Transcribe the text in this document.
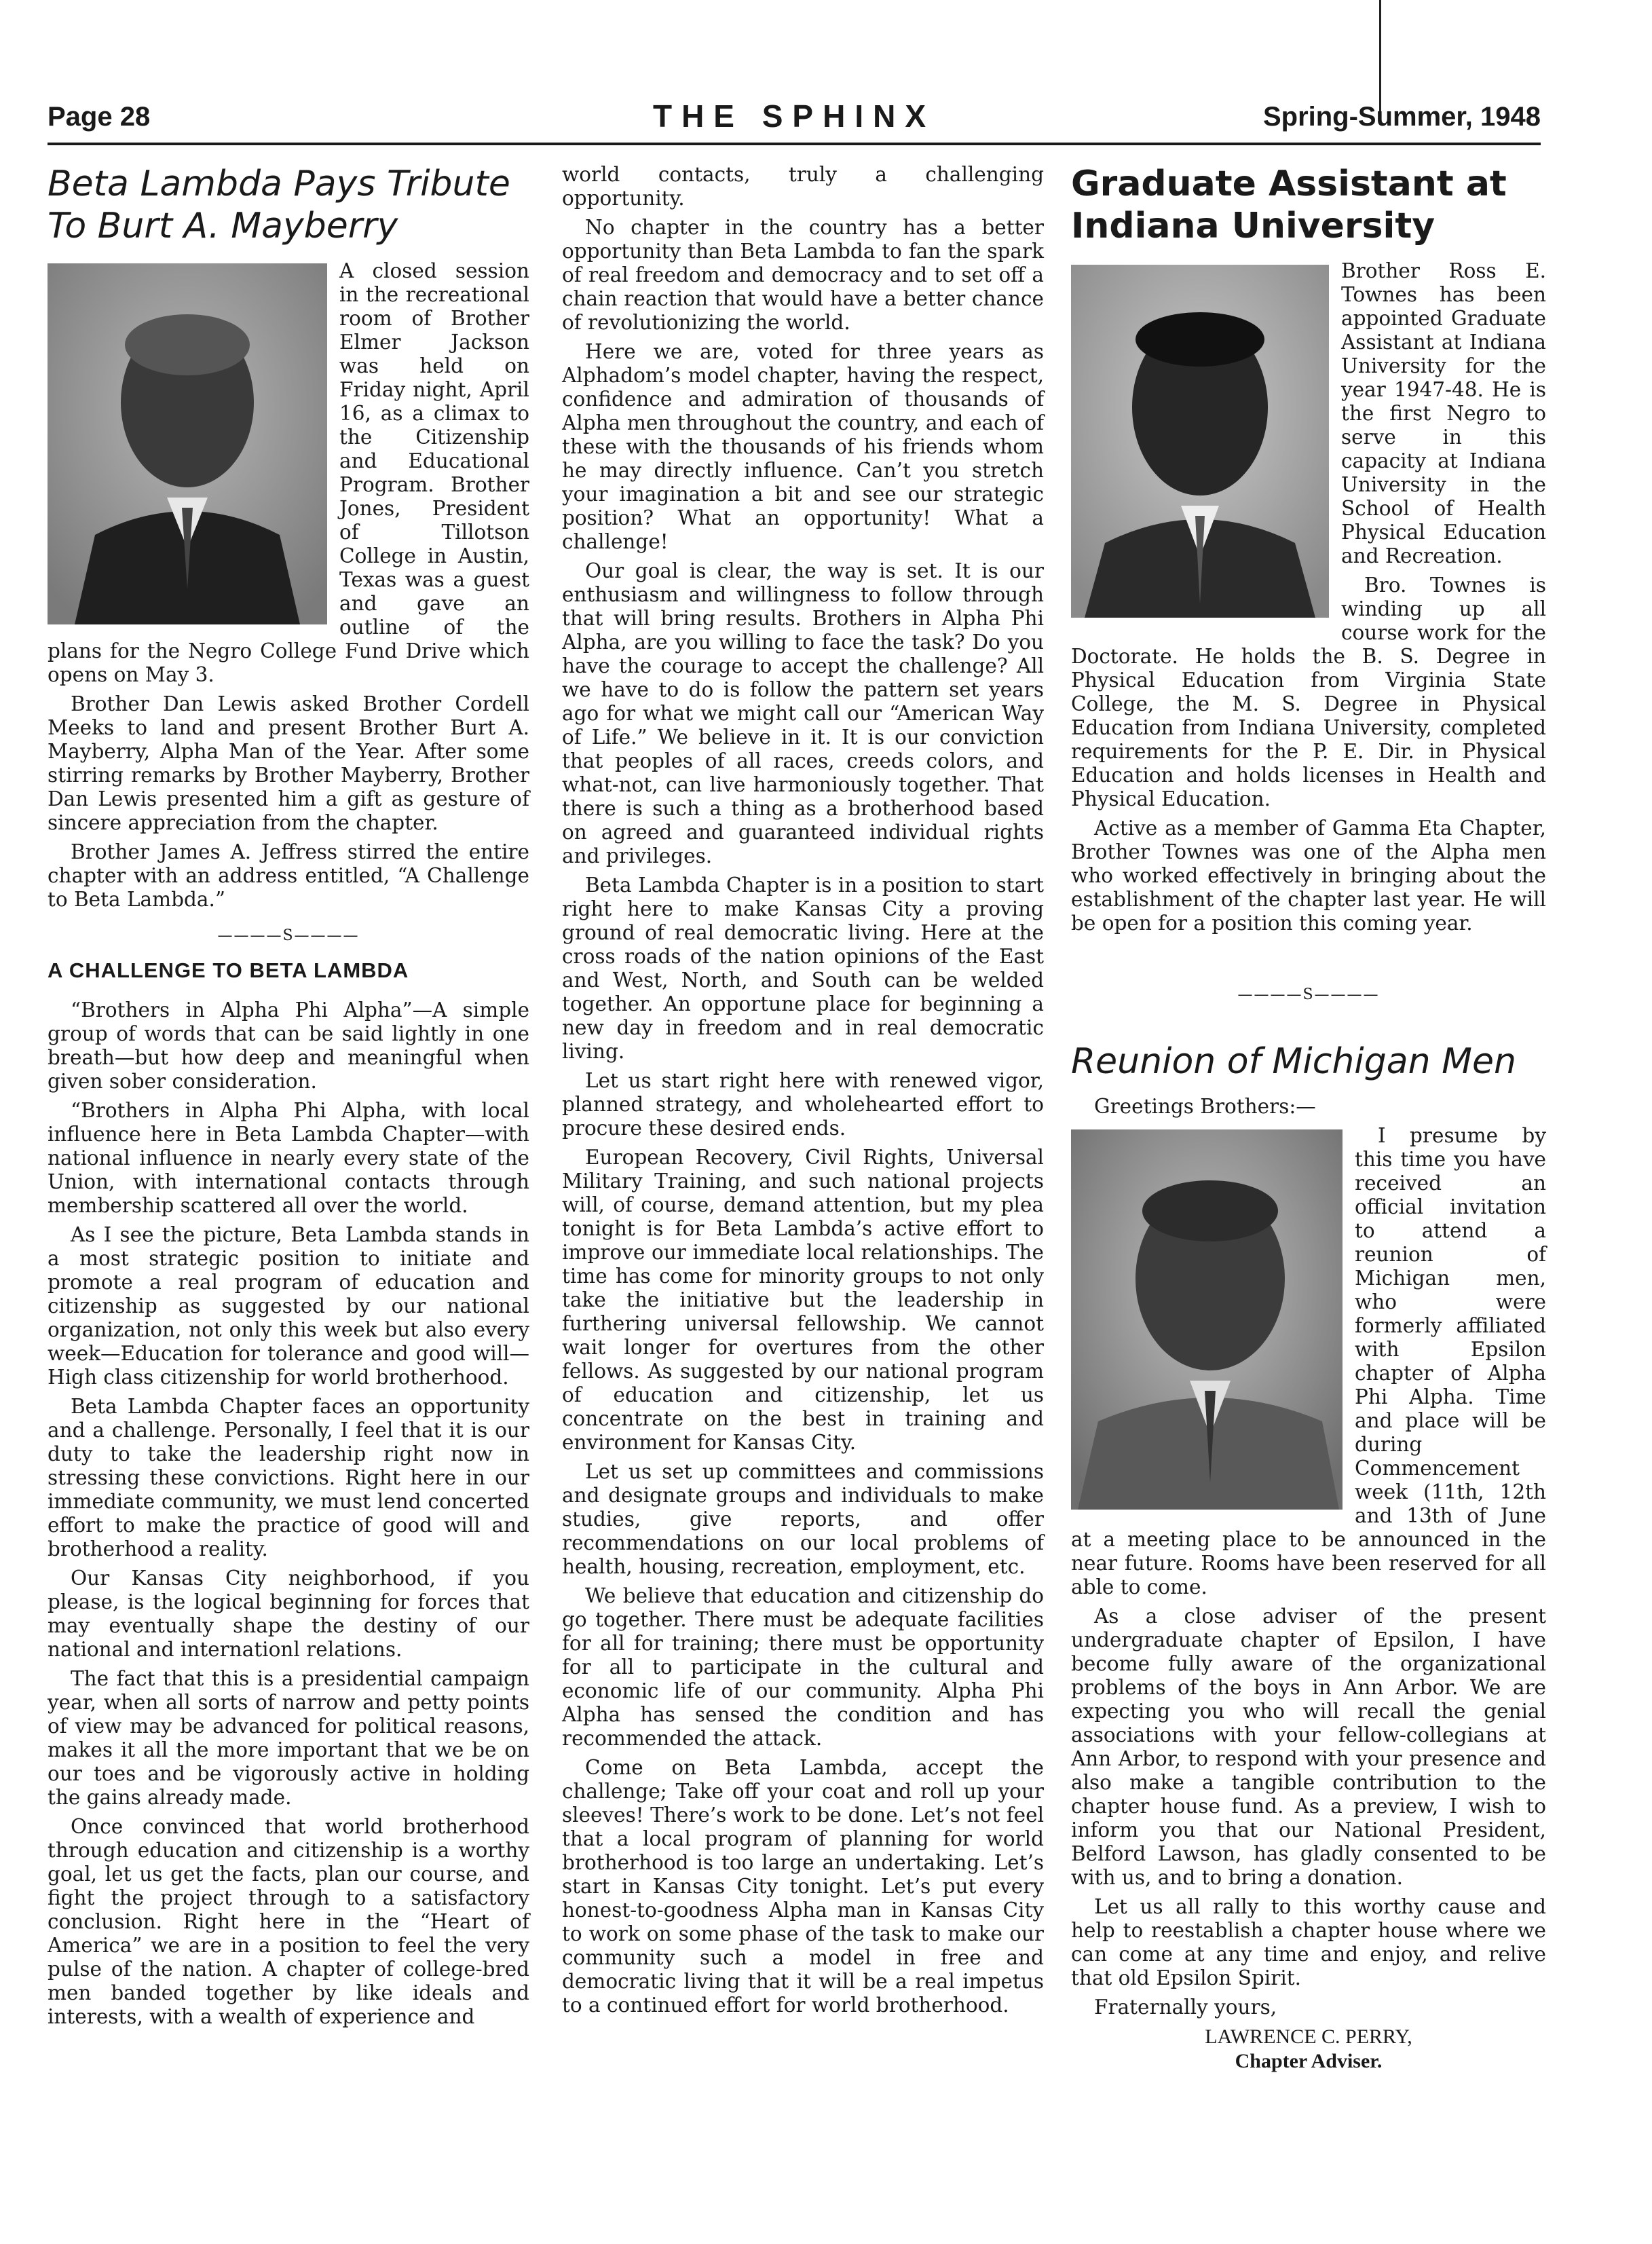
Page 28	THE SPHINX	Spring-Summer, 1948
Beta Lambda Pays Tribute To Burt A. Mayberry

A closed session in the recreational room of Brother Elmer Jackson was held on Friday night, April 16, as a climax to the Citizenship and Educational Program. Brother Jones, President of Tillotson College in Austin, Texas was a guest and gave an outline of the plans for the Negro College Fund Drive which opens on May 3.

Brother Dan Lewis asked Brother Cordell Meeks to land and present Brother Burt A. Mayberry, Alpha Man of the Year. After some stirring remarks by Brother Mayberry, Brother Dan Lewis presented him a gift as gesture of sincere appreciation from the chapter.

Brother James A. Jeffress stirred the entire chapter with an address entitled, “A Challenge to Beta Lambda.”

————S————
A CHALLENGE TO BETA LAMBDA

“Brothers in Alpha Phi Alpha”—A simple group of words that can be said lightly in one breath—but how deep and meaningful when given sober consideration.

“Brothers in Alpha Phi Alpha, with local influence here in Beta Lambda Chapter—with national influence in nearly every state of the Union, with international contacts through membership scattered all over the world.

As I see the picture, Beta Lambda stands in a most strategic position to initiate and promote a real program of education and citizenship as suggested by our national organization, not only this week but also every week—Education for tolerance and good will—High class citizenship for world brotherhood.

Beta Lambda Chapter faces an opportunity and a challenge. Personally, I feel that it is our duty to take the leadership right now in stressing these convictions. Right here in our immediate community, we must lend concerted effort to make the practice of good will and brotherhood a reality.

Our Kansas City neighborhood, if you please, is the logical beginning for forces that may eventually shape the destiny of our national and internationl relations.

The fact that this is a presidential campaign year, when all sorts of narrow and petty points of view may be advanced for political reasons, makes it all the more important that we be on our toes and be vigorously active in holding the gains already made.

Once convinced that world brotherhood through education and citizenship is a worthy goal, let us get the facts, plan our course, and fight the project through to a satisfactory conclusion. Right here in the “Heart of America” we are in a position to feel the very pulse of the nation. A chapter of college-bred men banded together by like ideals and interests, with a wealth of experience and

world contacts, truly a challenging opportunity.

No chapter in the country has a better opportunity than Beta Lambda to fan the spark of real freedom and democracy and to set off a chain reaction that would have a better chance of revolutionizing the world.

Here we are, voted for three years as Alphadom’s model chapter, having the respect, confidence and admiration of thousands of Alpha men throughout the country, and each of these with the thousands of his friends whom he may directly influence. Can’t you stretch your imagination a bit and see our strategic position? What an opportunity! What a challenge!

Our goal is clear, the way is set. It is our enthusiasm and willingness to follow through that will bring results. Brothers in Alpha Phi Alpha, are you willing to face the task? Do you have the courage to accept the challenge? All we have to do is follow the pattern set years ago for what we might call our “American Way of Life.” We believe in it. It is our conviction that peoples of all races, creeds colors, and what-not, can live harmoniously together. That there is such a thing as a brotherhood based on agreed and guaranteed individual rights and privileges.

Beta Lambda Chapter is in a position to start right here to make Kansas City a proving ground of real democratic living. Here at the cross roads of the nation opinions of the East and West, North, and South can be welded together. An opportune place for beginning a new day in freedom and in real democratic living.

Let us start right here with renewed vigor, planned strategy, and wholehearted effort to procure these desired ends.

European Recovery, Civil Rights, Universal Military Training, and such national projects will, of course, demand attention, but my plea tonight is for Beta Lambda’s active effort to improve our immediate local relationships. The time has come for minority groups to not only take the initiative but the leadership in furthering universal fellowship. We cannot wait longer for overtures from the other fellows. As suggested by our national program of education and citizenship, let us concentrate on the best in training and environment for Kansas City.

Let us set up committees and commissions and designate groups and individuals to make studies, give reports, and offer recommendations on our local problems of health, housing, recreation, employment, etc.

We believe that education and citizenship do go together. There must be adequate facilities for all for training; there must be opportunity for all to participate in the cultural and economic life of our community. Alpha Phi Alpha has sensed the condition and has recommended the attack.

Come on Beta Lambda, accept the challenge; Take off your coat and roll up your sleeves! There’s work to be done. Let’s not feel that a local program of planning for world brotherhood is too large an undertaking. Let’s start in Kansas City tonight. Let’s put every honest-to-goodness Alpha man in Kansas City to work on some phase of the task to make our community such a model in free and democratic living that it will be a real impetus to a continued effort for world brotherhood.

Graduate Assistant at Indiana University

Brother Ross E. Townes has been appointed Graduate Assistant at Indiana University for the year 1947-48. He is the first Negro to serve in this capacity at Indiana University in the School of Health Physical Education and Recreation.

Bro. Townes is winding up all course work for the Doctorate. He holds the B. S. Degree in Physical Education from Virginia State College, the M. S. Degree in Physical Education from Indiana University, completed requirements for the P. E. Dir. in Physical Education and holds licenses in Health and Physical Education.

Active as a member of Gamma Eta Chapter, Brother Townes was one of the Alpha men who worked effectively in bringing about the establishment of the chapter last year. He will be open for a position this coming year.

————S————
Reunion of Michigan Men

Greetings Brothers:—

I presume by this time you have received an official invitation to attend a reunion of Michigan men, who were formerly affiliated with Epsilon chapter of Alpha Phi Alpha. Time and place will be during Commencement week (11th, 12th and 13th of June at a meeting place to be announced in the near future. Rooms have been reserved for all able to come.

As a close adviser of the present undergraduate chapter of Epsilon, I have become fully aware of the organizational problems of the boys in Ann Arbor. We are expecting you who will recall the genial associations with your fellow-collegians at Ann Arbor, to respond with your presence and also make a tangible contribution to the chapter house fund. As a preview, I wish to inform you that our National President, Belford Lawson, has gladly consented to be with us, and to bring a donation.

Let us all rally to this worthy cause and help to reestablish a chapter house where we can come at any time and enjoy, and relive that old Epsilon Spirit.

Fraternally yours,

LAWRENCE C. PERRY,
Chapter Adviser.
